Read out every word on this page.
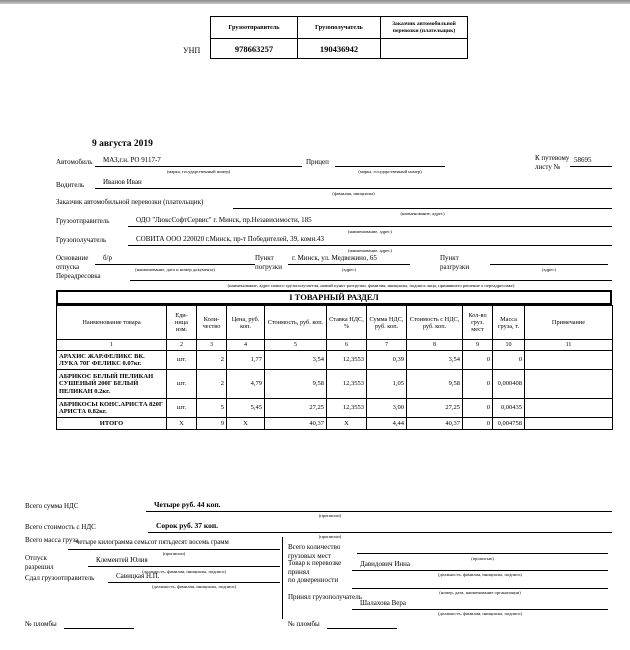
УНП
Грузоотправитель	Грузополучатель	Заказчик автомобильной перевозки (плательщик)
978663257	190436942	
9 августа 2019
Автомобиль	МАЗ,г.н. РО 9117-7
(марка, государственный номер)
Прицеп
(марка, государственный номер)
К путевому листу №
58695
Водитель	Иванов Иван
(фамилия, инициалы)
Заказчик автомобильной перевозки (плательщик)
(наименование, адрес)
Грузоотправитель	ОДО "ЛюксСофтСервис" г. Минск, пр.Независимости, 185
(наименование, адрес)
Грузополучатель	СОВИТА ООО 220020 г.Минск, пр-т Победителей, 39, комн.43
(наименование, адрес)
Основание отпуска
б/р
(наименование, дата и номер документа)
Пункт погрузки
г. Минск, ул. Медвежино, 65
(адрес)
Пункт разгрузки	(адрес)
Переадресовка
(наименование, адрес нового грузополучателя, новый пункт разгрузки, фамилия, инициалы, подпись лица, принявшего решение о переадресовке)
I ТОВАРНЫЙ РАЗДЕЛ
Наименование товара	Еди-ница изм.	Коли-чество	Цена, руб. коп.	Стоимость, руб. коп.	Ставка НДС, %	Сумма НДС, руб. коп.	Стоимость с НДС, руб. коп.	Кол-во груз. мест	Масса груза, т.	Примечание
1	2	3	4	5	6	7	8	9	10	11
АРАХИС ЖАР.ФЕЛИКС ВК. ЛУКА 70Г ФЕЛИКС 0.07кг.	шт.	2	1,77	3,54	12,3553	0,39	3,54	0	0	
АБРИКОС БЕЛЫЙ ПЕЛИКАН СУШЕНЫЙ 200Г БЕЛЫЙ ПЕЛИКАН 0.2кг.	шт.	2	4,79	9,58	12,3553	1,05	9,58	0	0,000408	
АБРИКОСЫ КОНС.АРИСТА 820Г АРИСТА 0.82кг.	шт.	5	5,45	27,25	12,3553	3,00	27,25	0	0,00435	
ИТОГО	X	9	X	40,37	X	4,44	40,37	0	0,004758	
Всего сумма НДС	Четыре руб. 44 коп.
(прописью)
Всего стоимость с НДС	Сорок руб. 37 коп.
(прописью)
Всего масса груза
четыре килограмма семьсот пятьдесят восемь грамм
(прописью)
Отпуск разрешил
Клементей Юлия
(должность, фамилия, инициалы, подпись)
Сдал грузоотправитель	Савицкая Н.П.
(должность, фамилия, инициалы, подпись)
№ пломбы
Всего количество грузовых мест	(прописью)
Товар к перевозке принял
Давидович Инна
(должность, фамилия, инициалы, подпись)
по доверенности
(номер, дата, наименование организации)
Принял грузополучатель
Шалахова Вера
(должность, фамилия, инициалы, подпись)
№ пломбы
